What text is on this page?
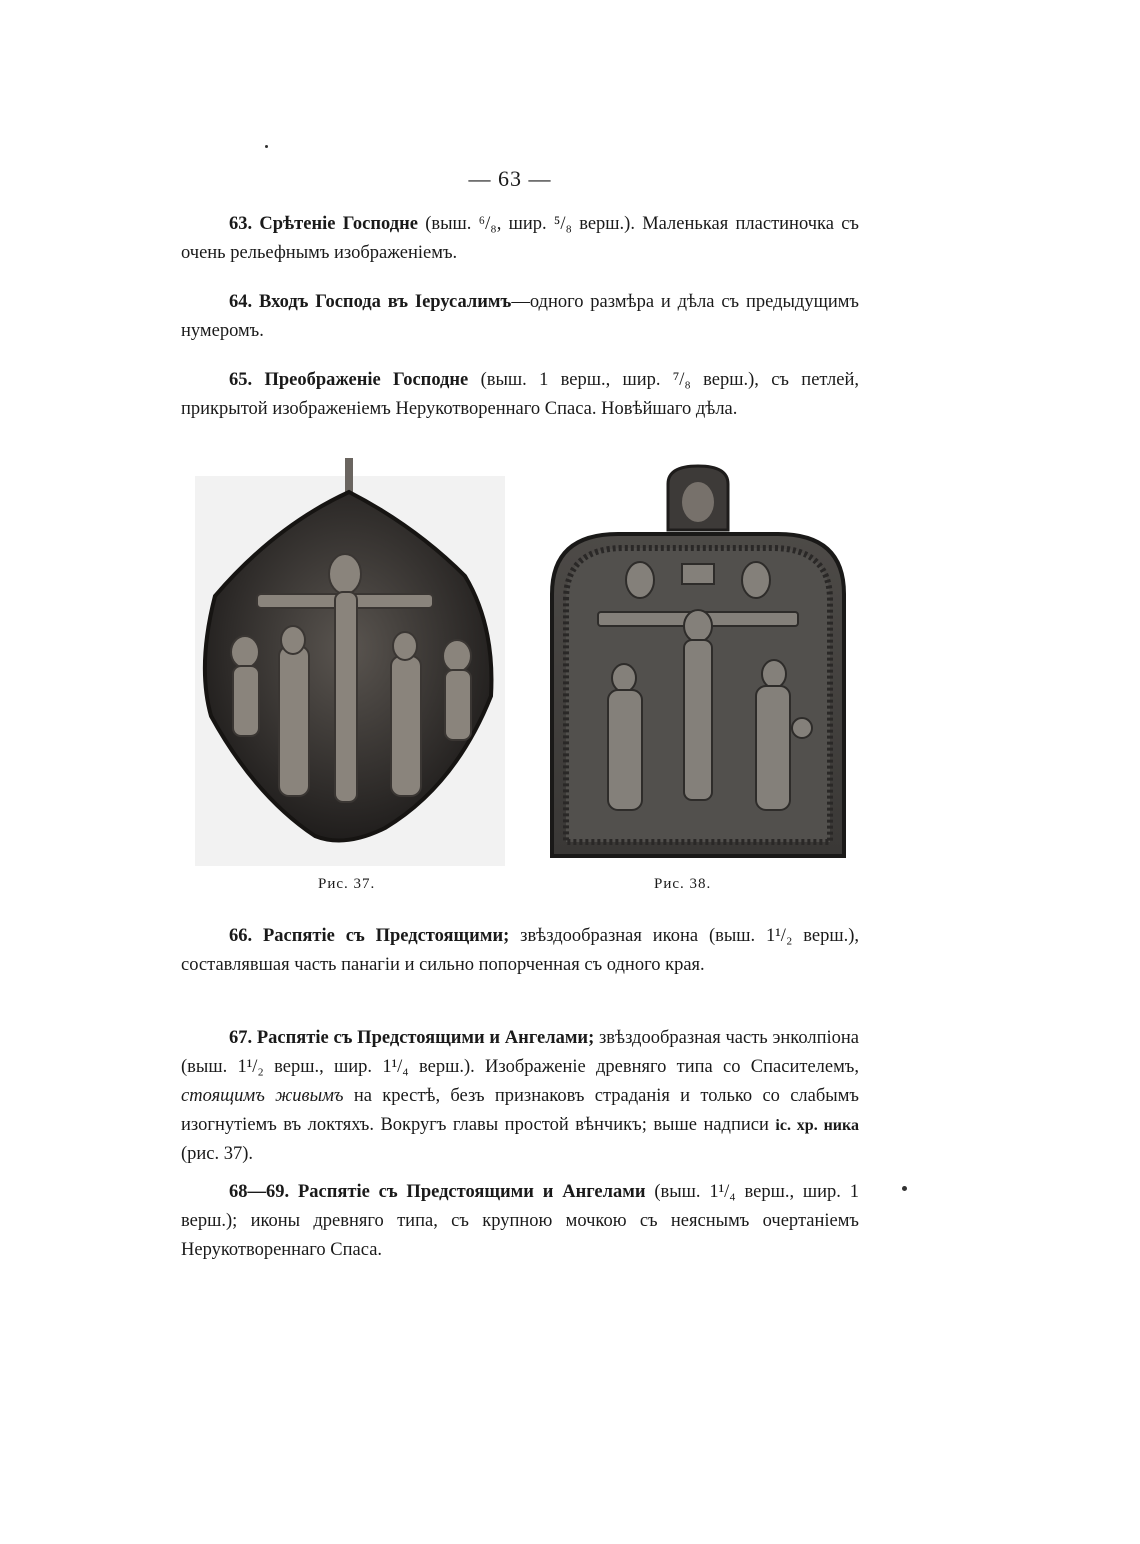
— 63 —

63. Срѣтеніе Господне (выш. ⁶/₈, шир. ⁵/₈ верш.). Маленькая пластиночка съ очень рельефнымъ изображеніемъ.

64. Входъ Господа въ Іерусалимъ—одного размѣра и дѣла съ предыдущимъ нумеромъ.

65. Преображеніе Господне (выш. 1 верш., шир. ⁷/₈ верш.), съ петлей, прикрытой изображеніемъ Нерукотвореннаго Спаса. Новѣйшаго дѣла.

Рис. 37.	Рис. 38.

66. Распятіе съ Предстоящими; звѣздообразная икона (выш. 1¹/₂ верш.), составлявшая часть панагіи и сильно попорченная съ одного края.

67. Распятіе съ Предстоящими и Ангелами; звѣздообразная часть энколпіона (выш. 1¹/₂ верш., шир. 1¹/₄ верш.). Изображеніе древняго типа со Спасителемъ, стоящимъ живымъ на крестѣ, безъ признаковъ страданія и только со слабымъ изогнутіемъ въ локтяхъ. Вокругъ главы простой вѣнчикъ; выше надписи іс. хр. ника (рис. 37).

68—69. Распятіе съ Предстоящими и Ангелами (выш. 1¹/₄ верш., шир. 1 верш.); иконы древняго типа, съ крупною мочкою съ неяснымъ очертаніемъ Нерукотвореннаго Спаса.
